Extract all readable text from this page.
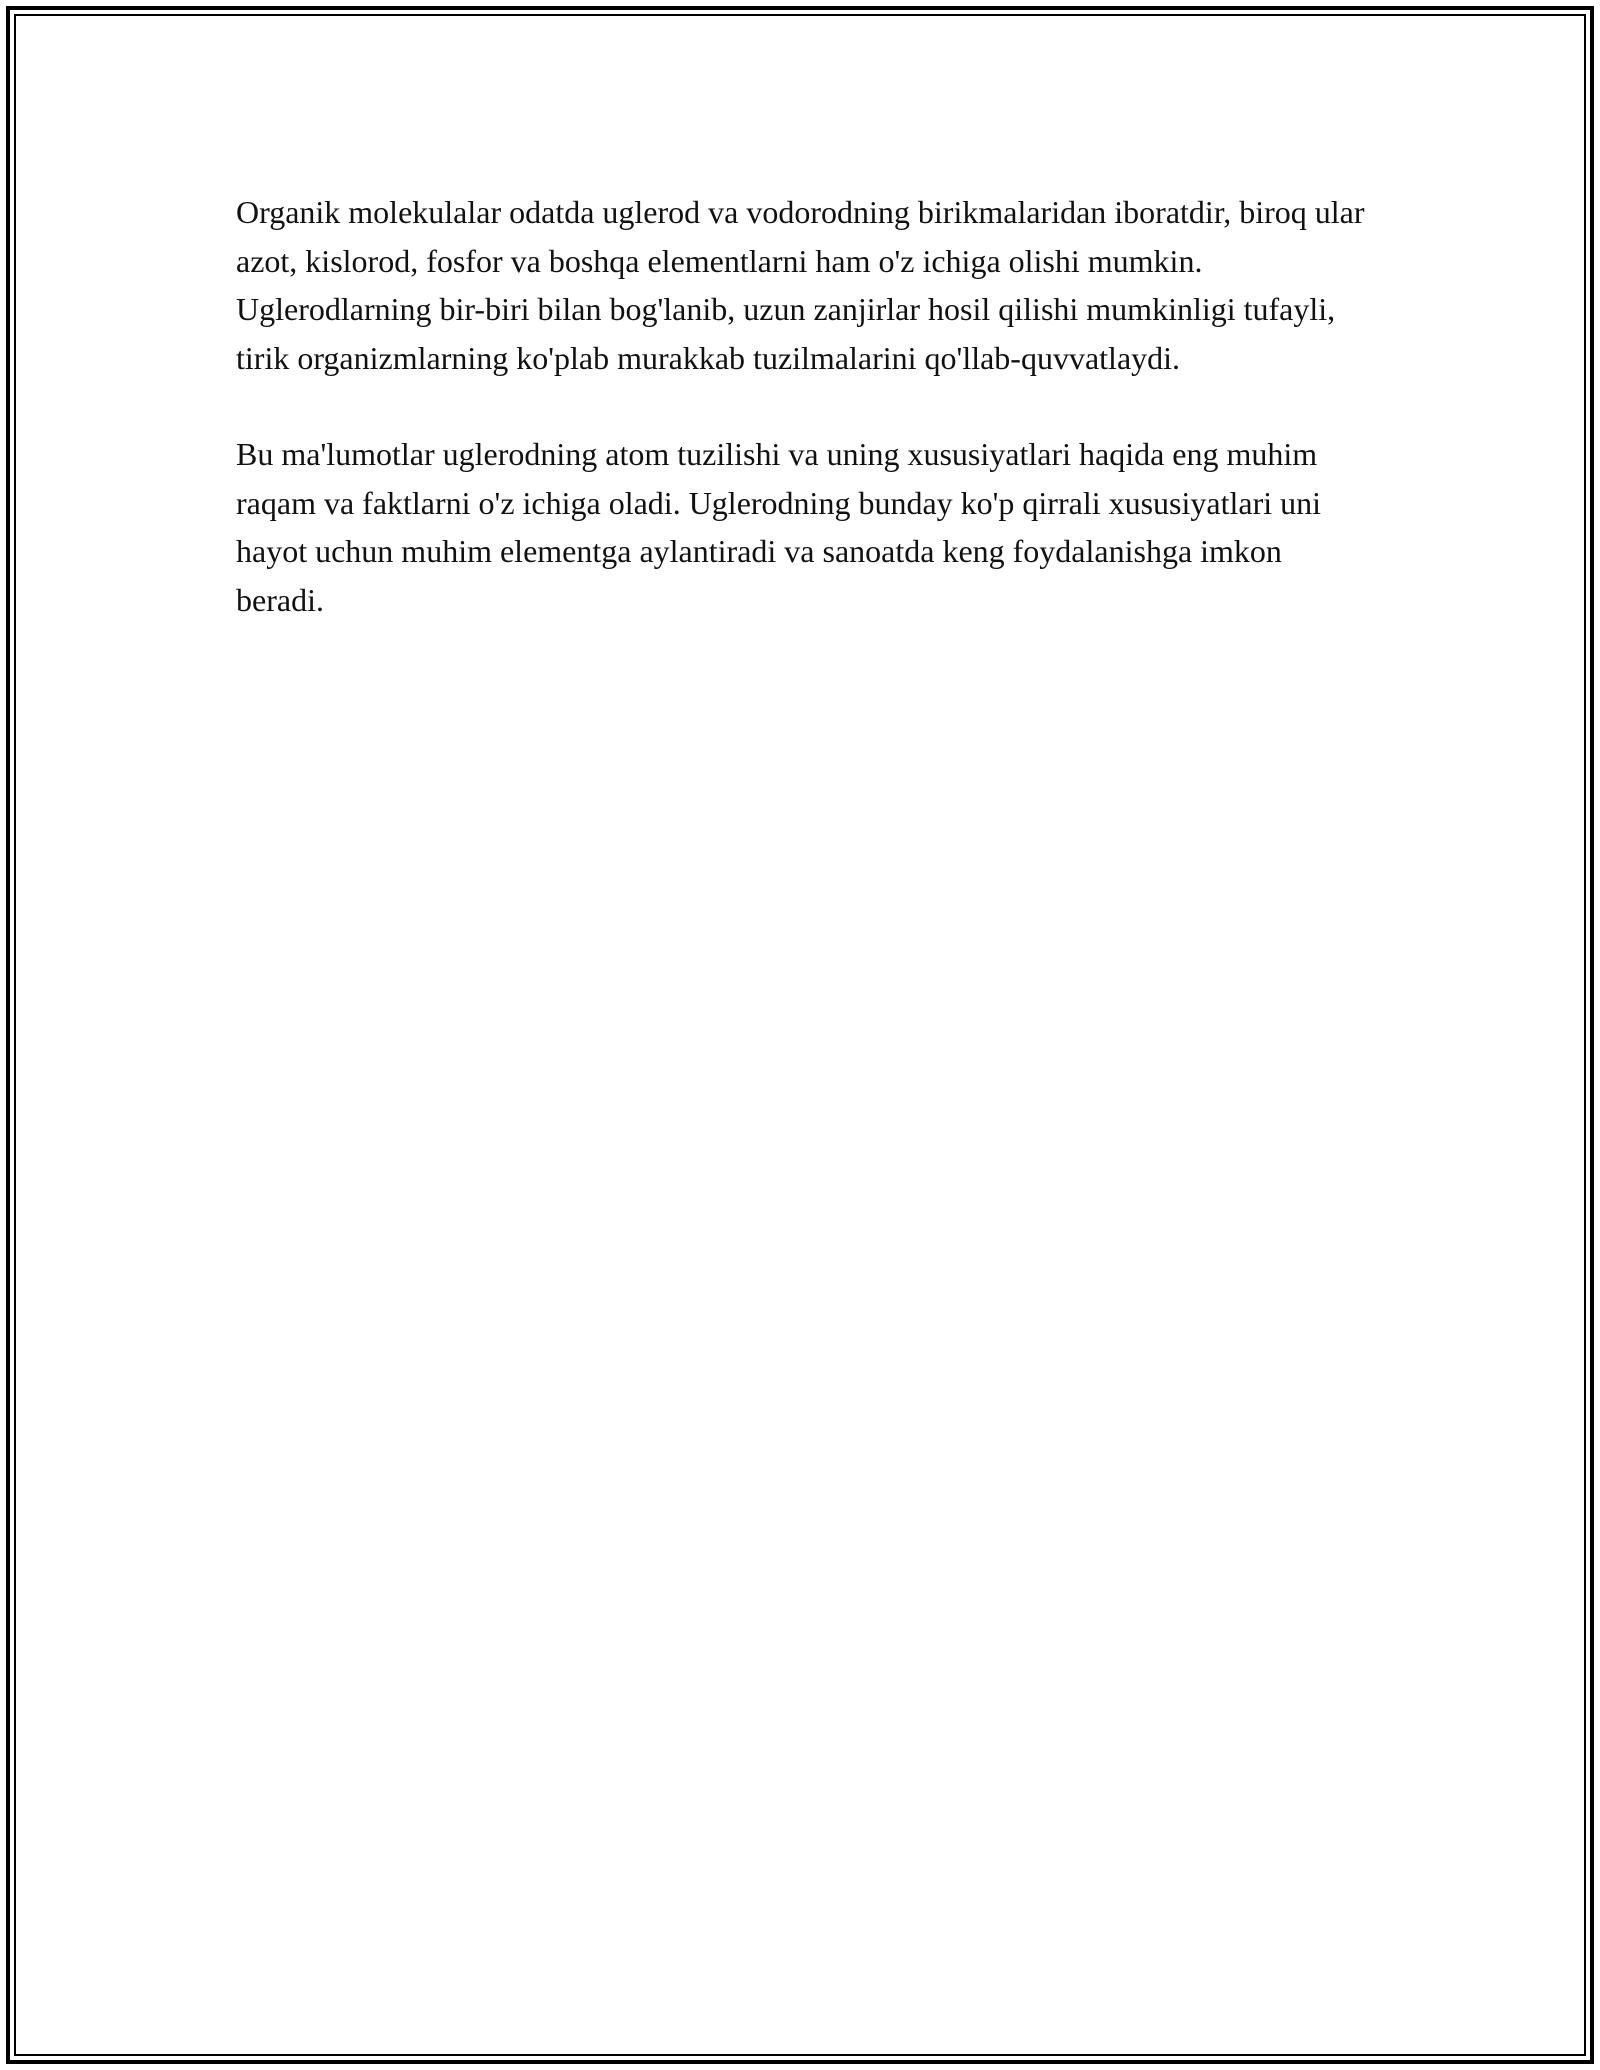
Organik molekulalar odatda uglerod va vodorodning birikmalaridan iboratdir, biroq ular azot, kislorod, fosfor va boshqa elementlarni ham o'z ichiga olishi mumkin. Uglerodlarning bir-biri bilan bog'lanib, uzun zanjirlar hosil qilishi mumkinligi tufayli, tirik organizmlarning ko'plab murakkab tuzilmalarini qo'llab-quvvatlaydi.

Bu ma'lumotlar uglerodning atom tuzilishi va uning xususiyatlari haqida eng muhim raqam va faktlarni o'z ichiga oladi. Uglerodning bunday ko'p qirrali xususiyatlari uni hayot uchun muhim elementga aylantiradi va sanoatda keng foydalanishga imkon beradi.
